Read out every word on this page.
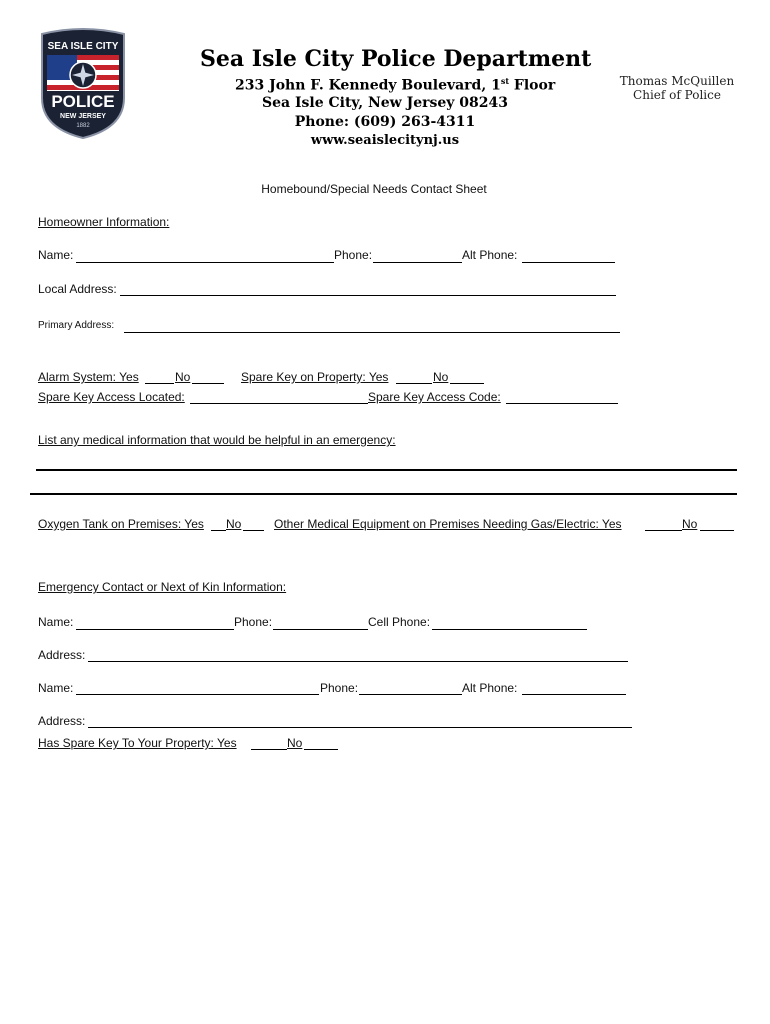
SEA ISLE CITY
POLICE
NEW JERSEY
1882
Sea Isle City Police Department
233 John F. Kennedy Boulevard, 1st Floor
Sea Isle City, New Jersey 08243
Phone: (609) 263-4311
www.seaislecitynj.us
Thomas McQuillen
Chief of Police
Homebound/Special Needs Contact Sheet
Homeowner Information:
Name:	Phone:	Alt Phone:
Local Address:
Primary Address:
Alarm System: Yes	No	Spare Key on Property: Yes	No
Spare Key Access Located:	Spare Key Access Code:
List any medical information that would be helpful in an emergency:
Oxygen Tank on Premises: Yes No	Other Medical Equipment on Premises Needing Gas/Electric: Yes	No
Emergency Contact or Next of Kin Information:
Name:	Phone:	Cell Phone:
Address:
Name:	Phone:	Alt Phone:
Address:
Has Spare Key To Your Property: Yes	No
